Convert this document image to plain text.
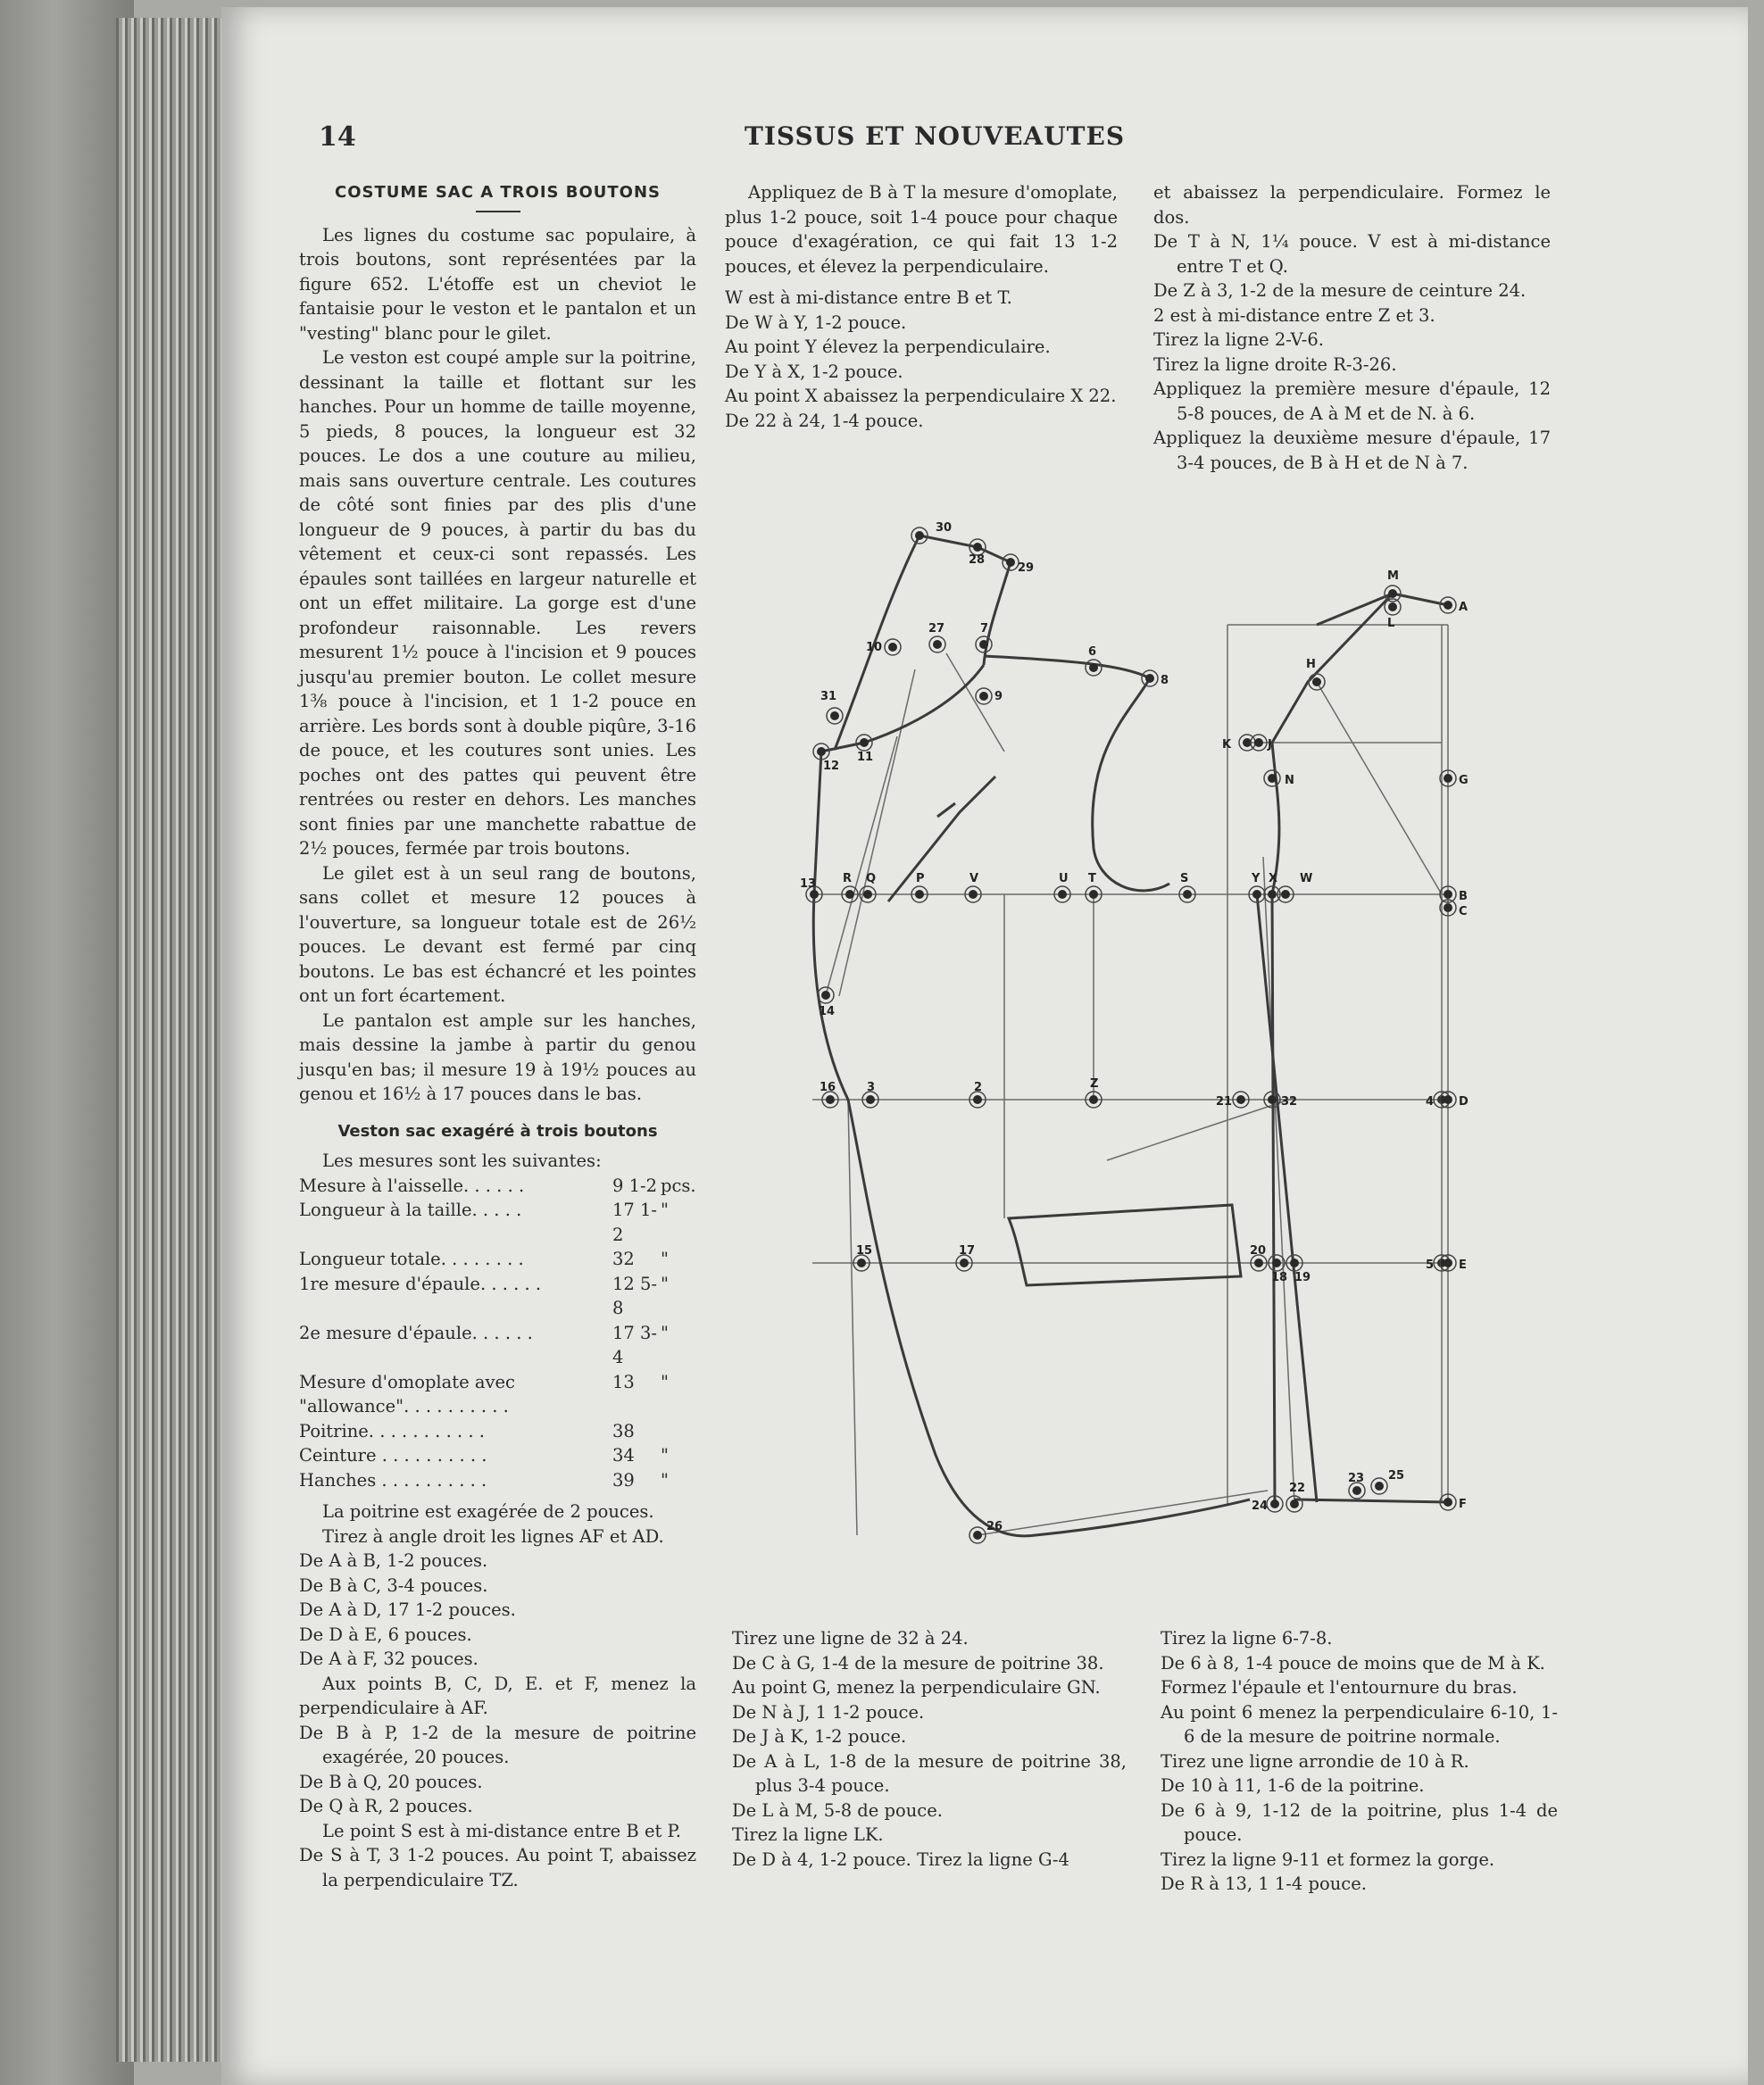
14	TISSUS ET NOUVEAUTES
COSTUME SAC A TROIS BOUTONS

Les lignes du costume sac populaire, à trois boutons, sont représentées par la figure 652. L'étoffe est un cheviot le fantaisie pour le veston et le pantalon et un "vesting" blanc pour le gilet.

Le veston est coupé ample sur la poitrine, dessinant la taille et flottant sur les hanches. Pour un homme de taille moyenne, 5 pieds, 8 pouces, la longueur est 32 pouces. Le dos a une couture au milieu, mais sans ouverture centrale. Les coutures de côté sont finies par des plis d'une longueur de 9 pouces, à partir du bas du vêtement et ceux-ci sont repassés. Les épaules sont taillées en largeur naturelle et ont un effet militaire. La gorge est d'une profondeur raisonnable. Les revers mesurent 1½ pouce à l'incision et 9 pouces jusqu'au premier bouton. Le collet mesure 1⅜ pouce à l'incision, et 1 1-2 pouce en arrière. Les bords sont à double piqûre, 3-16 de pouce, et les coutures sont unies. Les poches ont des pattes qui peuvent être rentrées ou rester en dehors. Les manches sont finies par une manchette rabattue de 2½ pouces, fermée par trois boutons.

Le gilet est à un seul rang de boutons, sans collet et mesure 12 pouces à l'ouverture, sa longueur totale est de 26½ pouces. Le devant est fermé par cinq boutons. Le bas est échancré et les pointes ont un fort écartement.

Le pantalon est ample sur les hanches, mais dessine la jambe à partir du genou jusqu'en bas; il mesure 19 à 19½ pouces au genou et 16½ à 17 pouces dans le bas.

Veston sac exagéré à trois boutons

Les mesures sont les suivantes:

Mesure à l'aisselle. . . . . .	9 1-2	pcs.
Longueur à la taille. . . . .	17 1-2	"
Longueur totale. . . . . . . .	32	"
1re mesure d'épaule. . . . . .	12 5-8	"
2e mesure d'épaule. . . . . .	17 3-4	"
Mesure d'omoplate avec "allowance". . . . . . . . . .	13	"
Poitrine. . . . . . . . . . .	38	
Ceinture . . . . . . . . . .	34	"
Hanches . . . . . . . . . .	39	"

La poitrine est exagérée de 2 pouces.

Tirez à angle droit les lignes AF et AD.

De A à B, 1-2 pouces.

De B à C, 3-4 pouces.

De A à D, 17 1-2 pouces.

De D à E, 6 pouces.

De A à F, 32 pouces.

Aux points B, C, D, E. et F, menez la perpendiculaire à AF.

De B à P, 1-2 de la mesure de poitrine exagérée, 20 pouces.

De B à Q, 20 pouces.

De Q à R, 2 pouces.

Le point S est à mi-distance entre B et P.

De S à T, 3 1-2 pouces. Au point T, abaissez la perpendiculaire TZ.

Appliquez de B à T la mesure d'omoplate, plus 1-2 pouce, soit 1-4 pouce pour chaque pouce d'exagération, ce qui fait 13 1-2 pouces, et élevez la perpendiculaire.

W est à mi-distance entre B et T.

De W à Y, 1-2 pouce.

Au point Y élevez la perpendiculaire.

De Y à X, 1-2 pouce.

Au point X abaissez la perpendiculaire X 22.

De 22 à 24, 1-4 pouce.

et abaissez la perpendiculaire. Formez le dos.

De T à N, 1¼ pouce. V est à mi-distance entre T et Q.

De Z à 3, 1-2 de la mesure de ceinture 24.

2 est à mi-distance entre Z et 3.

Tirez la ligne 2-V-6.

Tirez la ligne droite R-3-26.

Appliquez la première mesure d'épaule, 12 5-8 pouces, de A à M et de N. à 6.

Appliquez la deuxième mesure d'épaule, 17 3-4 pouces, de B à H et de N à 7.

30
28
29
27	7
10
31	9
8
12
11
6
M
L
A
H
K	J
N	G
13 R Q	P	V	U T	S	Y X W
B
C
14
16	3	2	Z
21	32	4 D
15	17	20
18 19
5 E
24
22
23 25
F
26

Tirez une ligne de 32 à 24.

De C à G, 1-4 de la mesure de poitrine 38.

Au point G, menez la perpendiculaire GN.

De N à J, 1 1-2 pouce.

De J à K, 1-2 pouce.

De A à L, 1-8 de la mesure de poitrine 38, plus 3-4 pouce.

De L à M, 5-8 de pouce.

Tirez la ligne LK.

De D à 4, 1-2 pouce. Tirez la ligne G-4

Tirez la ligne 6-7-8.

De 6 à 8, 1-4 pouce de moins que de M à K.

Formez l'épaule et l'entournure du bras.

Au point 6 menez la perpendiculaire 6-10, 1-6 de la mesure de poitrine normale.

Tirez une ligne arrondie de 10 à R.

De 10 à 11, 1-6 de la poitrine.

De 6 à 9, 1-12 de la poitrine, plus 1-4 de pouce.

Tirez la ligne 9-11 et formez la gorge.

De R à 13, 1 1-4 pouce.
